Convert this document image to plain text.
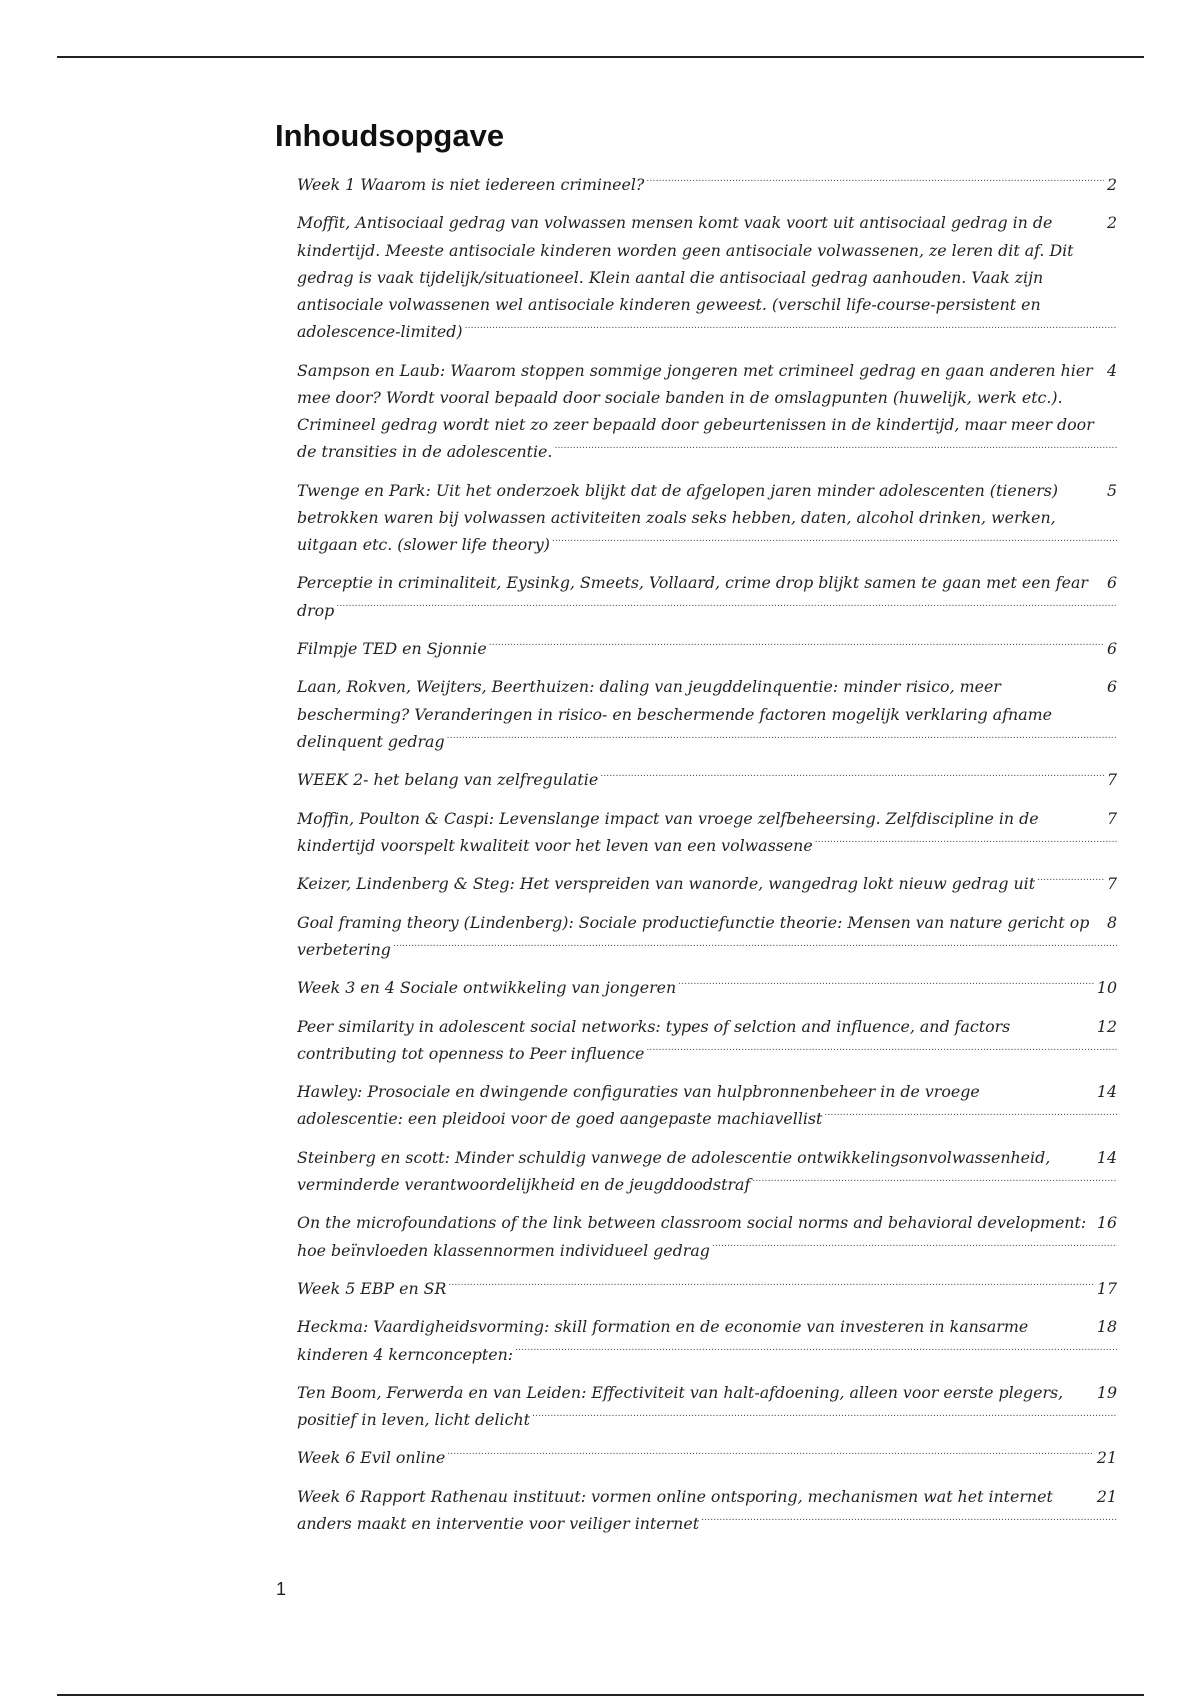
Inhoudsopgave
2
Week 1 Waarom is niet iedereen crimineel?
2
Moffit, Antisociaal gedrag van volwassen mensen komt vaak voort uit antisociaal gedrag in de kindertijd. Meeste antisociale kinderen worden geen antisociale volwassenen, ze leren dit af. Dit gedrag is vaak tijdelijk/situationeel. Klein aantal die antisociaal gedrag aanhouden. Vaak zijn antisociale volwassenen wel antisociale kinderen geweest. (verschil life-course-persistent en adolescence-limited)
4
Sampson en Laub: Waarom stoppen sommige jongeren met crimineel gedrag en gaan anderen hier mee door? Wordt vooral bepaald door sociale banden in de omslagpunten (huwelijk, werk etc.). Crimineel gedrag wordt niet zo zeer bepaald door gebeurtenissen in de kindertijd, maar meer door de transities in de adolescentie.
5
Twenge en Park: Uit het onderzoek blijkt dat de afgelopen jaren minder adolescenten (tieners) betrokken waren bij volwassen activiteiten zoals seks hebben, daten, alcohol drinken, werken, uitgaan etc. (slower life theory)
6
Perceptie in criminaliteit, Eysinkg, Smeets, Vollaard, crime drop blijkt samen te gaan met een fear drop
6
Filmpje TED en Sjonnie
6
Laan, Rokven, Weijters, Beerthuizen: daling van jeugddelinquentie: minder risico, meer bescherming? Veranderingen in risico- en beschermende factoren mogelijk verklaring afname delinquent gedrag
7
WEEK 2- het belang van zelfregulatie
7
Moffin, Poulton & Caspi: Levenslange impact van vroege zelfbeheersing. Zelfdiscipline in de kindertijd voorspelt kwaliteit voor het leven van een volwassene
7
Keizer, Lindenberg & Steg: Het verspreiden van wanorde, wangedrag lokt nieuw gedrag uit
8
Goal framing theory (Lindenberg): Sociale productiefunctie theorie: Mensen van nature gericht op verbetering
10
Week 3 en 4 Sociale ontwikkeling van jongeren
12
Peer similarity in adolescent social networks: types of selction and influence, and factors contributing tot openness to Peer influence
14
Hawley: Prosociale en dwingende configuraties van hulpbronnenbeheer in de vroege adolescentie: een pleidooi voor de goed aangepaste machiavellist
14
Steinberg en scott: Minder schuldig vanwege de adolescentie ontwikkelingsonvolwassenheid, verminderde verantwoordelijkheid en de jeugddoodstraf
16
On the microfoundations of the link between classroom social norms and behavioral development: hoe beïnvloeden klassennormen individueel gedrag
17
Week 5 EBP en SR
18
Heckma: Vaardigheidsvorming: skill formation en de economie van investeren in kansarme kinderen 4 kernconcepten:
19
Ten Boom, Ferwerda en van Leiden: Effectiviteit van halt-afdoening, alleen voor eerste plegers, positief in leven, licht delicht
21
Week 6 Evil online
21
Week 6 Rapport Rathenau instituut: vormen online ontsporing, mechanismen wat het internet anders maakt en interventie voor veiliger internet
1
